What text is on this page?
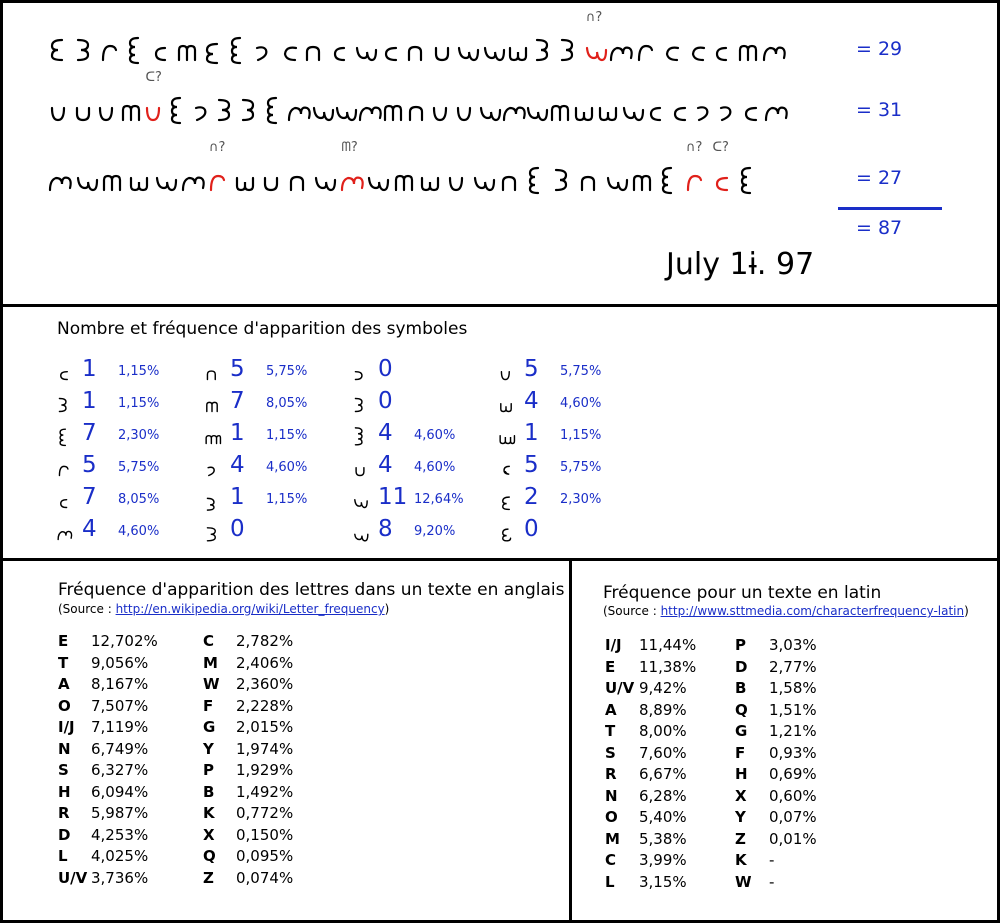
∩?
ᑕ?
∩?	ᗰ?	∩? ᑕ?
= 29
= 31
= 27
= 87
July 1ɨ̇. 97
Nombre et fréquence d'apparition des symboles
1 1,15%
1 1,15%
7 2,30%
5 5,75%
7 8,05%
4 4,60%
5 5,75%
7 8,05%
1 1,15%
4 4,60%
1 1,15%
0
0
0
4 4,60%
4 4,60%
11 12,64%
8 9,20%
5 5,75%
4 4,60%
1 1,15%
5 5,75%
2 2,30%
0
Fréquence d'apparition des lettres dans un texte en anglais
(Source : http://en.wikipedia.org/wiki/Letter_frequency)
E 12,702%
T 9,056%
A 8,167%
O 7,507%
I/J 7,119%
N 6,749%
S 6,327%
H 6,094%
R 5,987%
D 4,253%
L 4,025%
U/V 3,736%
C 2,782%
M 2,406%
W 2,360%
F 2,228%
G 2,015%
Y 1,974%
P 1,929%
B 1,492%
K 0,772%
X 0,150%
Q 0,095%
Z 0,074%
Fréquence pour un texte en latin
(Source : http://www.sttmedia.com/characterfrequency-latin)
I/J 11,44%
E 11,38%
U/V 9,42%
A 8,89%
T 8,00%
S 7,60%
R 6,67%
N 6,28%
O 5,40%
M 5,38%
C 3,99%
L 3,15%
P 3,03%
D 2,77%
B 1,58%
Q 1,51%
G 1,21%
F 0,93%
H 0,69%
X 0,60%
Y 0,07%
Z 0,01%
K -
W -
